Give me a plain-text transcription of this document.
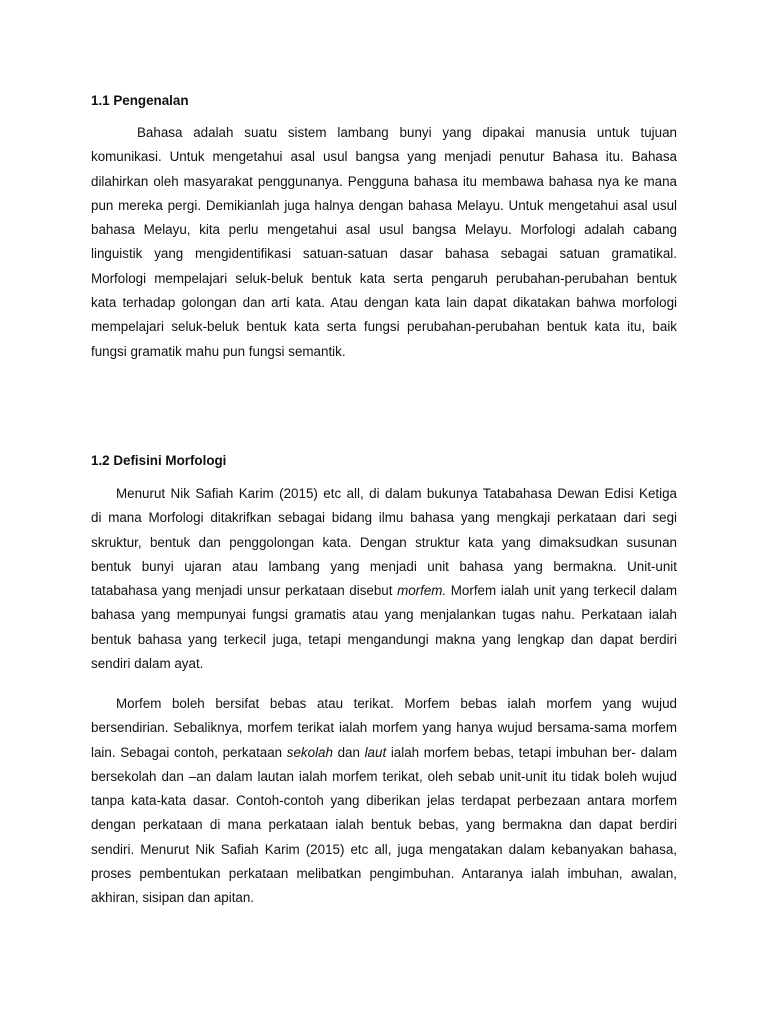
1.1 Pengenalan
Bahasa adalah suatu sistem lambang bunyi yang dipakai manusia untuk tujuan
komunikasi. Untuk mengetahui asal usul bangsa yang menjadi penutur Bahasa itu. Bahasa
dilahirkan oleh masyarakat penggunanya. Pengguna bahasa itu membawa bahasa nya ke mana
pun mereka pergi. Demikianlah juga halnya dengan bahasa Melayu. Untuk mengetahui asal usul
bahasa Melayu, kita perlu mengetahui asal usul bangsa Melayu. Morfologi adalah cabang
linguistik yang mengidentifikasi satuan-satuan dasar bahasa sebagai satuan gramatikal.
Morfologi mempelajari seluk-beluk bentuk kata serta pengaruh perubahan-perubahan bentuk
kata terhadap golongan dan arti kata. Atau dengan kata lain dapat dikatakan bahwa morfologi
mempelajari seluk-beluk bentuk kata serta fungsi perubahan-perubahan bentuk kata itu, baik
fungsi gramatik mahu pun fungsi semantik.
1.2 Defisini Morfologi
Menurut Nik Safiah Karim (2015) etc all, di dalam bukunya Tatabahasa Dewan Edisi Ketiga
di mana Morfologi ditakrifkan sebagai bidang ilmu bahasa yang mengkaji perkataan dari segi
skruktur, bentuk dan penggolongan kata. Dengan struktur kata yang dimaksudkan susunan
bentuk bunyi ujaran atau lambang yang menjadi unit bahasa yang bermakna. Unit-unit
tatabahasa yang menjadi unsur perkataan disebut morfem. Morfem ialah unit yang terkecil dalam
bahasa yang mempunyai fungsi gramatis atau yang menjalankan tugas nahu. Perkataan ialah
bentuk bahasa yang terkecil juga, tetapi mengandungi makna yang lengkap dan dapat berdiri
sendiri dalam ayat.
Morfem boleh bersifat bebas atau terikat. Morfem bebas ialah morfem yang wujud
bersendirian. Sebaliknya, morfem terikat ialah morfem yang hanya wujud bersama-sama morfem
lain. Sebagai contoh, perkataan sekolah dan laut ialah morfem bebas, tetapi imbuhan ber- dalam
bersekolah dan –an dalam lautan ialah morfem terikat, oleh sebab unit-unit itu tidak boleh wujud
tanpa kata-kata dasar. Contoh-contoh yang diberikan jelas terdapat perbezaan antara morfem
dengan perkataan di mana perkataan ialah bentuk bebas, yang bermakna dan dapat berdiri
sendiri. Menurut Nik Safiah Karim (2015) etc all, juga mengatakan dalam kebanyakan bahasa,
proses pembentukan perkataan melibatkan pengimbuhan. Antaranya ialah imbuhan, awalan,
akhiran, sisipan dan apitan.
